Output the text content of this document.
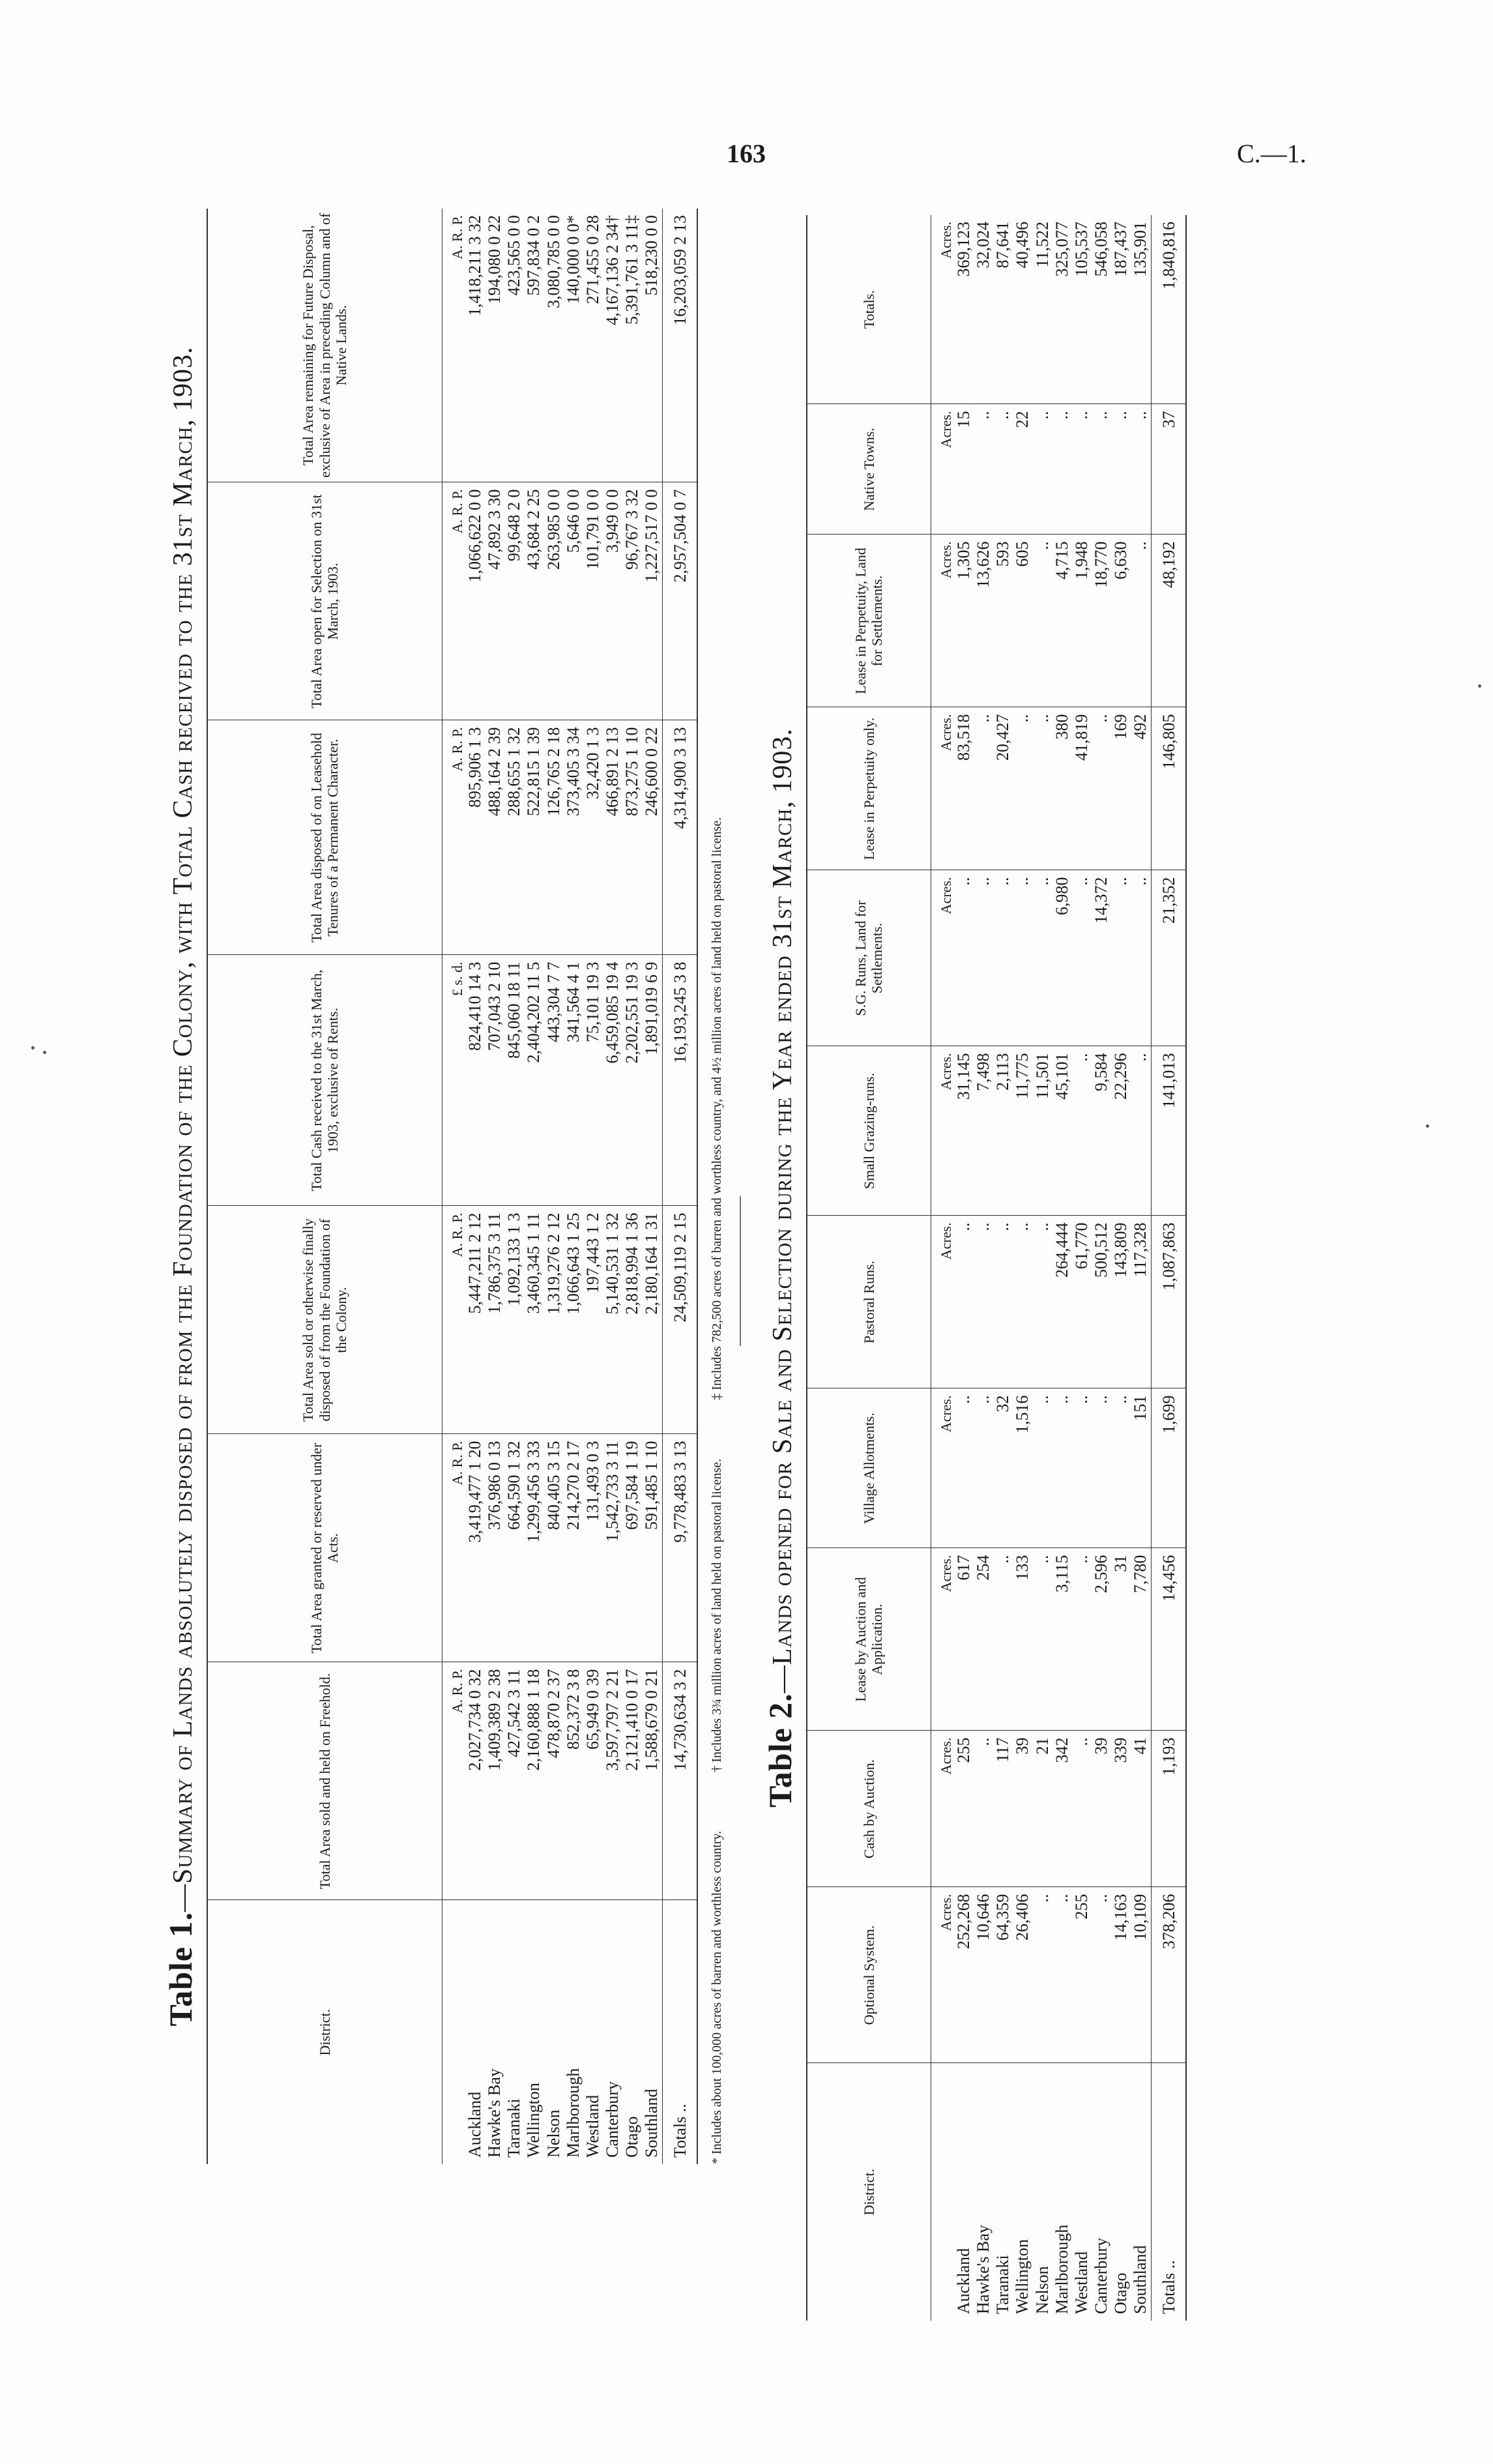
163	C.—1.
Table 1.—Summary of Lands absolutely disposed of from the Foundation of the Colony, with Total Cash received to the 31st March, 1903.
District.	Total Area sold and held on Freehold.	Total Area granted or reserved under Acts.	Total Area sold or otherwise finally disposed of from the Foundation of the Colony.	Total Cash received to the 31st March, 1903, exclusive of Rents.	Total Area disposed of on Leasehold Tenures of a Permanent Character.	Total Area open for Selection on 31st March, 1903.	Total Area remaining for Future Disposal, exclusive of Area in preceding Column and of Native Lands.
	A. R. P.	A. R. P.	A. R. P.	£ s. d.	A. R. P.	A. R. P.	A. R. P.
Auckland	2,027,734 0 32	3,419,477 1 20	5,447,211 2 12	824,410 14 3	895,906 1 3	1,066,622 0 0	1,418,211 3 32
Hawke's Bay	1,409,389 2 38	376,986 0 13	1,786,375 3 11	707,043 2 10	488,164 2 39	47,892 3 30	194,080 0 22
Taranaki	427,542 3 11	664,590 1 32	1,092,133 1 3	845,060 18 11	288,655 1 32	99,648 2 0	423,565 0 0
Wellington	2,160,888 1 18	1,299,456 3 33	3,460,345 1 11	2,404,202 11 5	522,815 1 39	43,684 2 25	597,834 0 2
Nelson	478,870 2 37	840,405 3 15	1,319,276 2 12	443,304 7 7	126,765 2 18	263,985 0 0	3,080,785 0 0
Marlborough	852,372 3 8	214,270 2 17	1,066,643 1 25	341,564 4 1	373,405 3 34	5,646 0 0	140,000 0 0*
Westland	65,949 0 39	131,493 0 3	197,443 1 2	75,101 19 3	32,420 1 3	101,791 0 0	271,455 0 28
Canterbury	3,597,797 2 21	1,542,733 3 11	5,140,531 1 32	6,459,085 19 4	466,891 2 13	3,949 0 0	4,167,136 2 34†
Otago	2,121,410 0 17	697,584 1 19	2,818,994 1 36	2,202,551 19 3	873,275 1 10	96,767 3 32	5,391,761 3 11‡
Southland	1,588,679 0 21	591,485 1 10	2,180,164 1 31	1,891,019 6 9	246,600 0 22	1,227,517 0 0	518,230 0 0
Totals ..	14,730,634 3 2	9,778,483 3 13	24,509,119 2 15	16,193,245 3 8	4,314,900 3 13	2,957,504 0 7	16,203,059 2 13
* Includes about 100,000 acres of barren and worthless country.† Includes 3¾ million acres of land held on pastoral license.‡ Includes 782,500 acres of barren and worthless country, and 4½ million acres of land held on pastoral license.
Table 2.—Lands opened for Sale and Selection during the Year ended 31st March, 1903.
District.	Optional System.	Cash by Auction.	Lease by Auction and Application.	Village Allotments.	Pastoral Runs.	Small Grazing-runs.	S.G. Runs, Land for Settlements.	Lease in Perpetuity only.	Lease in Perpetuity, Land for Settlements.	Native Towns.	Totals.
	Acres.	Acres.	Acres.	Acres.	Acres.	Acres.	Acres.	Acres.	Acres.	Acres.	Acres.
Auckland	252,268	255	617	..	..	31,145	..	83,518	1,305	15	369,123
Hawke's Bay	10,646	..	254	..	..	7,498	..	..	13,626	..	32,024
Taranaki	64,359	117	..	32	..	2,113	..	20,427	593	..	87,641
Wellington	26,406	39	133	1,516	..	11,775	..	..	605	22	40,496
Nelson	..	21	..	..	..	11,501	..	..	..	..	11,522
Marlborough	..	342	3,115	..	264,444	45,101	6,980	380	4,715	..	325,077
Westland	255	..	..	..	61,770	..	..	41,819	1,948	..	105,537
Canterbury	..	39	2,596	..	500,512	9,584	14,372	..	18,770	..	546,058
Otago	14,163	339	31	..	143,809	22,296	..	169	6,630	..	187,437
Southland	10,109	41	7,780	151	117,328	..	..	492	..	..	135,901
Totals ..	378,206	1,193	14,456	1,699	1,087,863	141,013	21,352	146,805	48,192	37	1,840,816
